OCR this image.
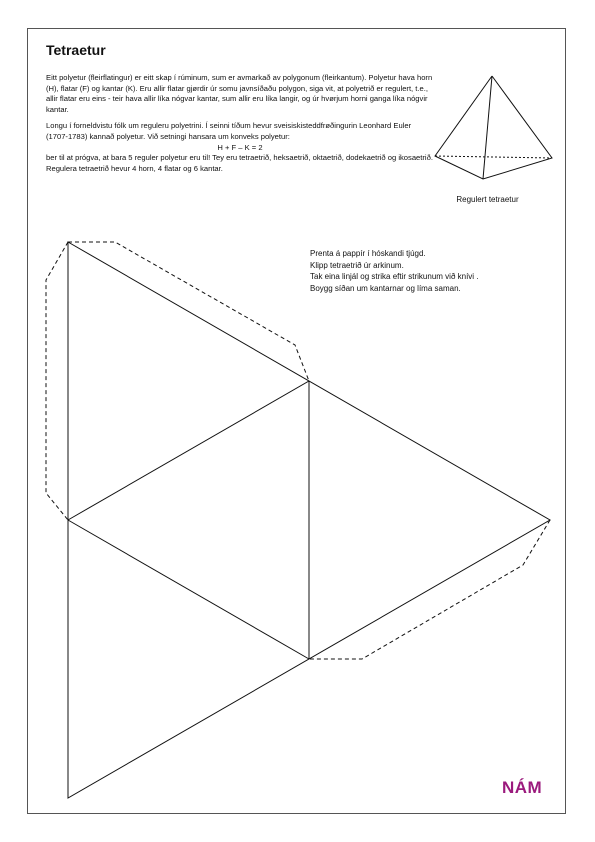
Tetraetur

Eitt polyetur (fleirflatingur) er eitt skap í rúminum, sum er avmarkað av polygonum (fleirkantum). Polyetur hava horn (H), flatar (F) og kantar (K). Eru allir flatar gjørdir úr somu javnsíðaðu polygon, siga vit, at polyetrið er regulert, t.e., allir flatar eru eins - teir hava allir líka nógvar kantar, sum allir eru líka langir, og úr hvørjum horni ganga líka nógvir kantar.

Longu í forneldvistu fólk um reguleru polyetrini. Í seinni tíðum hevur sveisiskisteddfrøðingurin Leonhard Euler (1707-1783) kannað polyetur. Við setningi hansara um konveks polyetur:
H + F – K = 2
ber til at prógva, at bara 5 reguler polyetur eru til! Tey eru tetraetrið, heksaetrið, oktaetrið, dodekaetrið og ikosaetrið. Regulera tetraetrið hevur 4 horn, 4 flatar og 6 kantar.

Regulert tetraetur
Prenta á pappír í hóskandi tjúgd.
Klipp tetraetrið úr arkinum.
Tak eina linjál og strika eftir strikunum við knívi .
Boygg síðan um kantarnar og líma saman.
NÁM
